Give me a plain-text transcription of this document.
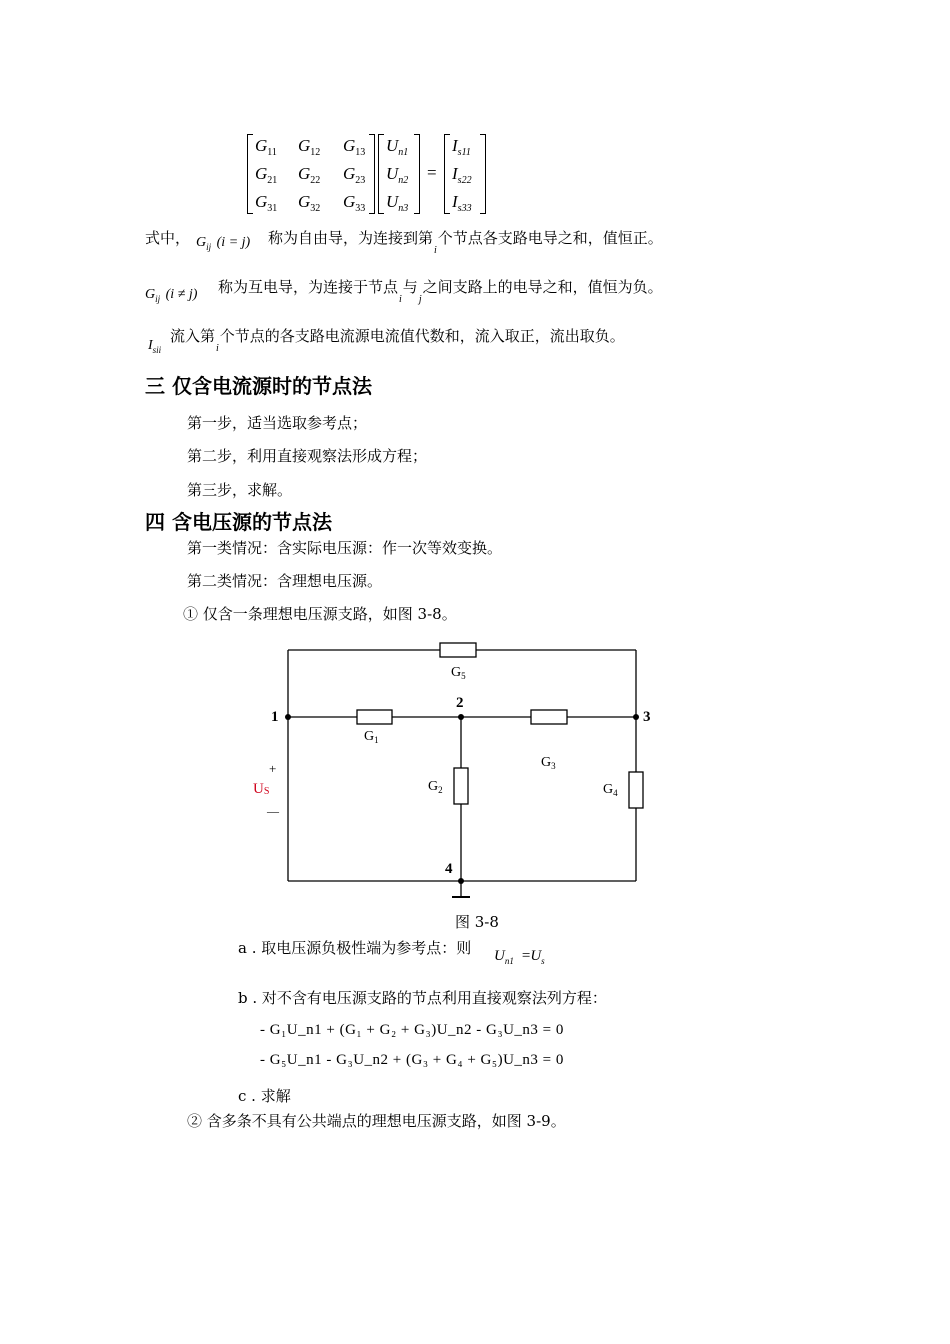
=
$G_{11}$ $G_{12}$ $G_{13}$
$G_{21}$ $G_{22}$ $G_{23}$
$G_{31}$ $G_{32}$ $G_{33}$
$U_{n1}$
$U_{n2}$
$U_{n3}$
$I_{s11}$
$I_{s22}$
$I_{s33}$
式中， $G_{ij}$ (i = j) 称为自由导，为连接到第$_i$个节点各支路电导之和，值恒正。
$G_{ij}$ (i ≠ j) 称为互电导，为连接于节点$_i$与$_j$之间支路上的电导之和，值恒为负。
$I_{sii}$
流入第$_i$个节点的各支路电流源电流值代数和，流入取正，流出取负。
三 仅含电流源时的节点法
第一步，适当选取参考点；
第二步，利用直接观察法形成方程；
第三步，求解。
四 含电压源的节点法
第一类情况：含实际电压源：作一次等效变换。
第二类情况：含理想电压源。
① 仅含一条理想电压源支路，如图 3-8。
$G_5$
$G_1$
$G_3$
$G_2$	$G_4$
+
US
—
1
2
3
4
图 3-8
a . 取电压源负极性端为参考点：则 $U_{n1} =U_s$
b . 对不含有电压源支路的节点利用直接观察法列方程：
- G₁U_n1 + (G₁ + G₂ + G₃)U_n2 - G₃U_n3 = 0
- G₅U_n1 - G₃U_n2 + (G₃ + G₄ + G₅)U_n3 = 0
c . 求解
② 含多条不具有公共端点的理想电压源支路，如图 3-9。
